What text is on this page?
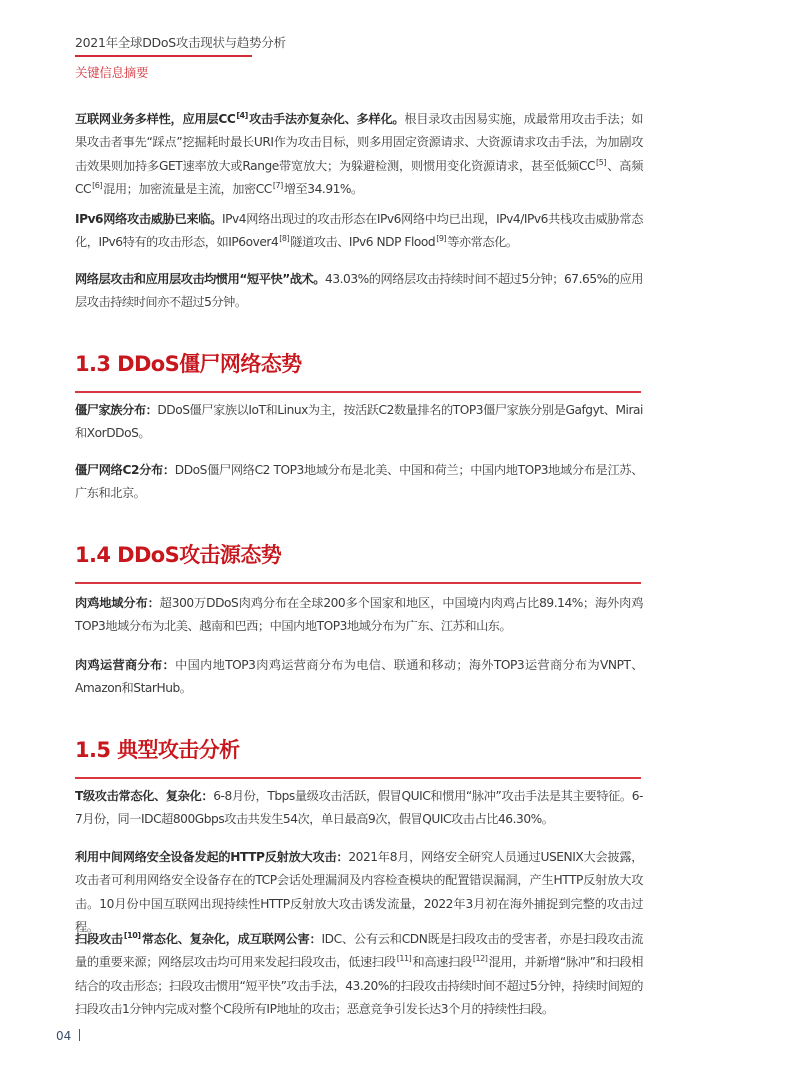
2021年全球DDoS攻击现状与趋势分析
关键信息摘要
互联网业务多样性，应用层CC[4]攻击手法亦复杂化、多样化。根目录攻击因易实施，成最常用攻击手法；如果攻击者事先“踩点”挖掘耗时最长URI作为攻击目标，则多用固定资源请求、大资源请求攻击手法，为加剧攻击效果则加持多GET速率放大或Range带宽放大；为躲避检测，则惯用变化资源请求，甚至低频CC[5]、高频CC[6]混用；加密流量是主流，加密CC[7]增至34.91%。
IPv6网络攻击威胁已来临。IPv4网络出现过的攻击形态在IPv6网络中均已出现，IPv4/IPv6共栈攻击威胁常态化，IPv6特有的攻击形态，如IP6over4[8]隧道攻击、IPv6 NDP Flood[9]等亦常态化。
网络层攻击和应用层攻击均惯用“短平快”战术。43.03%的网络层攻击持续时间不超过5分钟；67.65%的应用层攻击持续时间亦不超过5分钟。
1.3 DDoS僵尸网络态势
僵尸家族分布：DDoS僵尸家族以IoT和Linux为主，按活跃C2数量排名的TOP3僵尸家族分别是Gafgyt、Mirai和XorDDoS。
僵尸网络C2分布：DDoS僵尸网络C2 TOP3地域分布是北美、中国和荷兰；中国内地TOP3地域分布是江苏、广东和北京。
1.4 DDoS攻击源态势
肉鸡地域分布：超300万DDoS肉鸡分布在全球200多个国家和地区，中国境内肉鸡占比89.14%；海外肉鸡TOP3地域分布为北美、越南和巴西；中国内地TOP3地域分布为广东、江苏和山东。
肉鸡运营商分布：中国内地TOP3肉鸡运营商分布为电信、联通和移动；海外TOP3运营商分布为VNPT、Amazon和StarHub。
1.5 典型攻击分析
T级攻击常态化、复杂化：6-8月份，Tbps量级攻击活跃，假冒QUIC和惯用“脉冲”攻击手法是其主要特征。6-7月份，同一IDC超800Gbps攻击共发生54次，单日最高9次，假冒QUIC攻击占比46.30%。
利用中间网络安全设备发起的HTTP反射放大攻击：2021年8月，网络安全研究人员通过USENIX大会披露，攻击者可利用网络安全设备存在的TCP会话处理漏洞及内容检查模块的配置错误漏洞，产生HTTP反射放大攻击。10月份中国互联网出现持续性HTTP反射放大攻击诱发流量，2022年3月初在海外捕捉到完整的攻击过程。
扫段攻击[10]常态化、复杂化，成互联网公害：IDC、公有云和CDN既是扫段攻击的受害者，亦是扫段攻击流量的重要来源；网络层攻击均可用来发起扫段攻击，低速扫段[11]和高速扫段[12]混用，并新增“脉冲”和扫段相结合的攻击形态；扫段攻击惯用“短平快”攻击手法，43.20%的扫段攻击持续时间不超过5分钟，持续时间短的扫段攻击1分钟内完成对整个C段所有IP地址的攻击；恶意竞争引发长达3个月的持续性扫段。
04
